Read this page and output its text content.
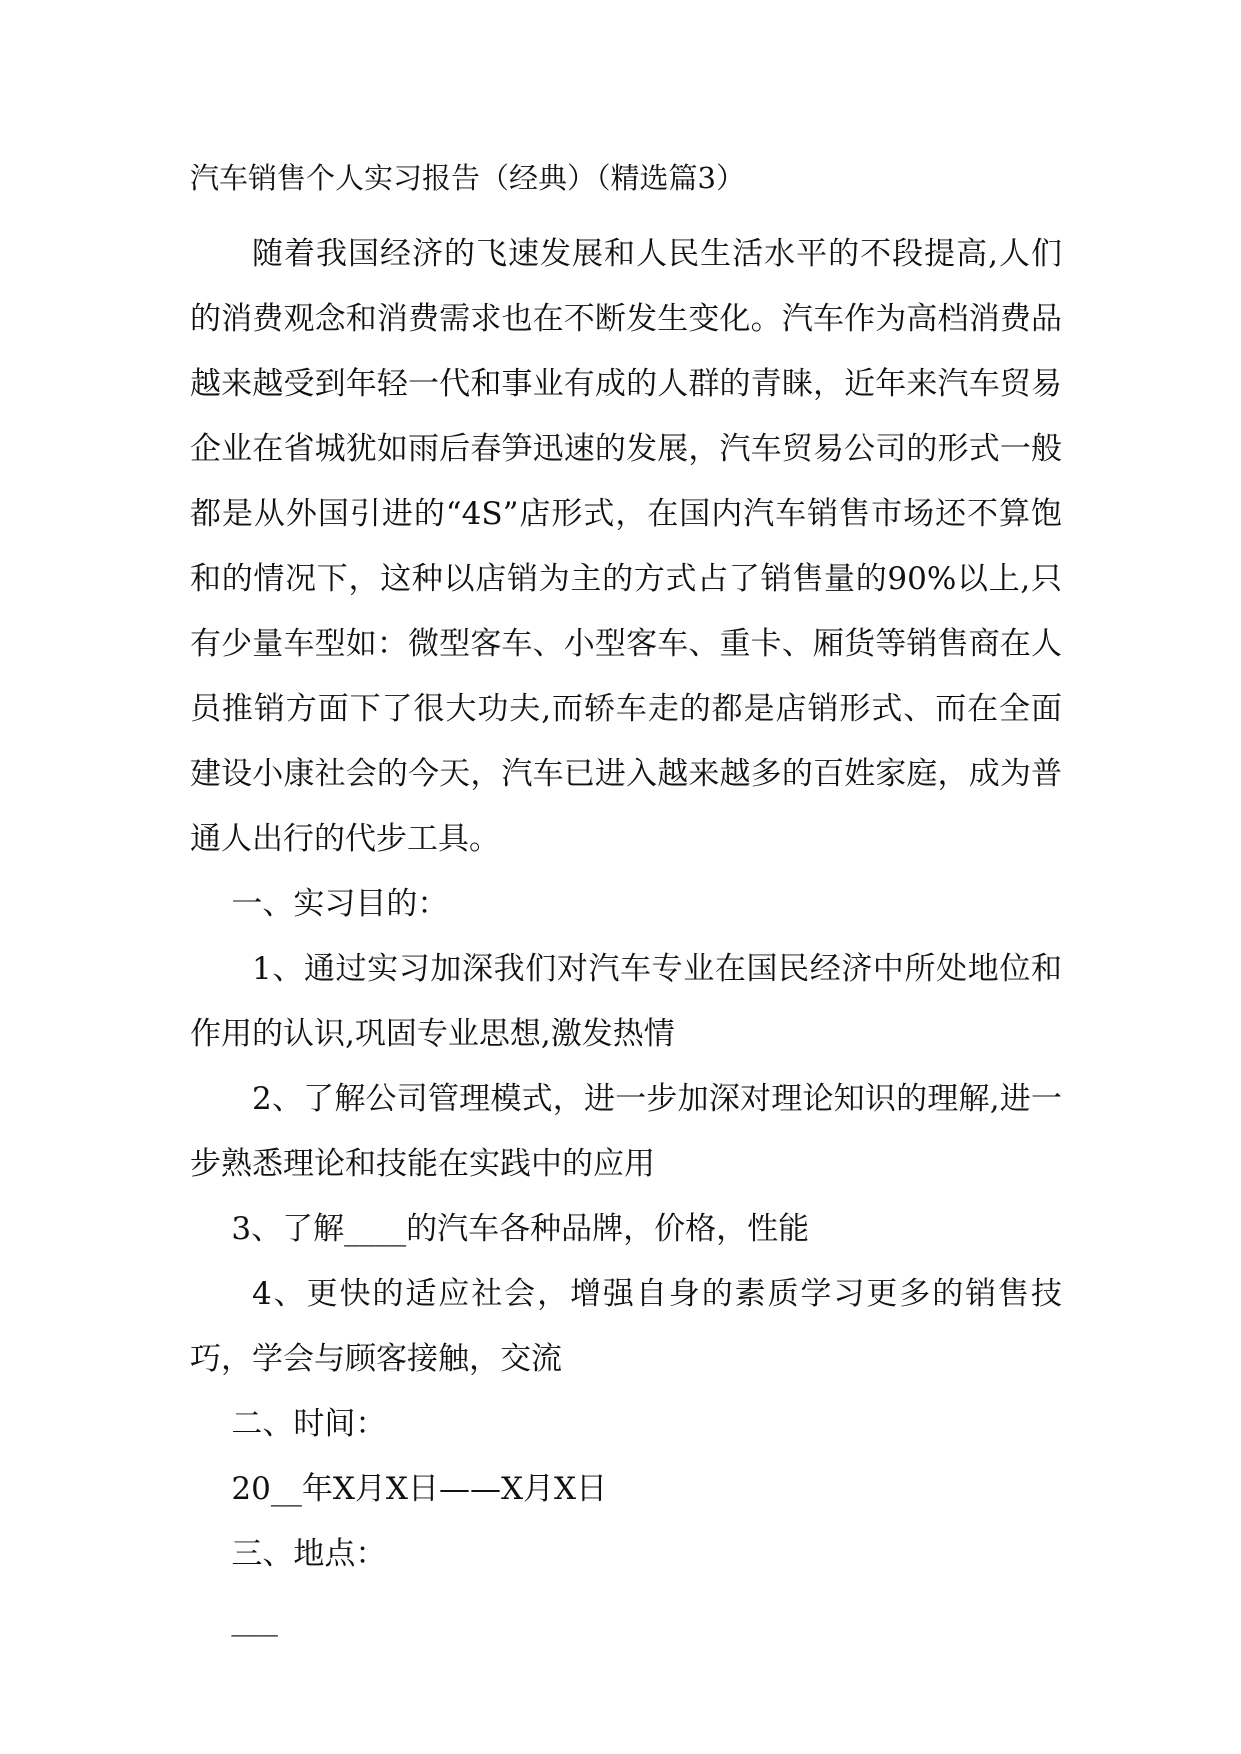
汽车销售个人实习报告（经典）（精选篇3）

随着我国经济的飞速发展和人民生活水平的不段提高,人们的消费观念和消费需求也在不断发生变化。汽车作为高档消费品越来越受到年轻一代和事业有成的人群的青睐，近年来汽车贸易企业在省城犹如雨后春笋迅速的发展，汽车贸易公司的形式一般都是从外国引进的“4S”店形式，在国内汽车销售市场还不算饱和的情况下，这种以店销为主的方式占了销售量的90%以上,只有少量车型如：微型客车、小型客车、重卡、厢货等销售商在人员推销方面下了很大功夫,而轿车走的都是店销形式、而在全面建设小康社会的今天，汽车已进入越来越多的百姓家庭，成为普通人出行的代步工具。

一、实习目的：

1、通过实习加深我们对汽车专业在国民经济中所处地位和作用的认识,巩固专业思想,激发热情

2、了解公司管理模式，进一步加深对理论知识的理解,进一步熟悉理论和技能在实践中的应用

3、了解____的汽车各种品牌，价格，性能

4、更快的适应社会，增强自身的素质学习更多的销售技巧，学会与顾客接触，交流

二、时间：

20__年X月X日——X月X日

三、地点：

___
